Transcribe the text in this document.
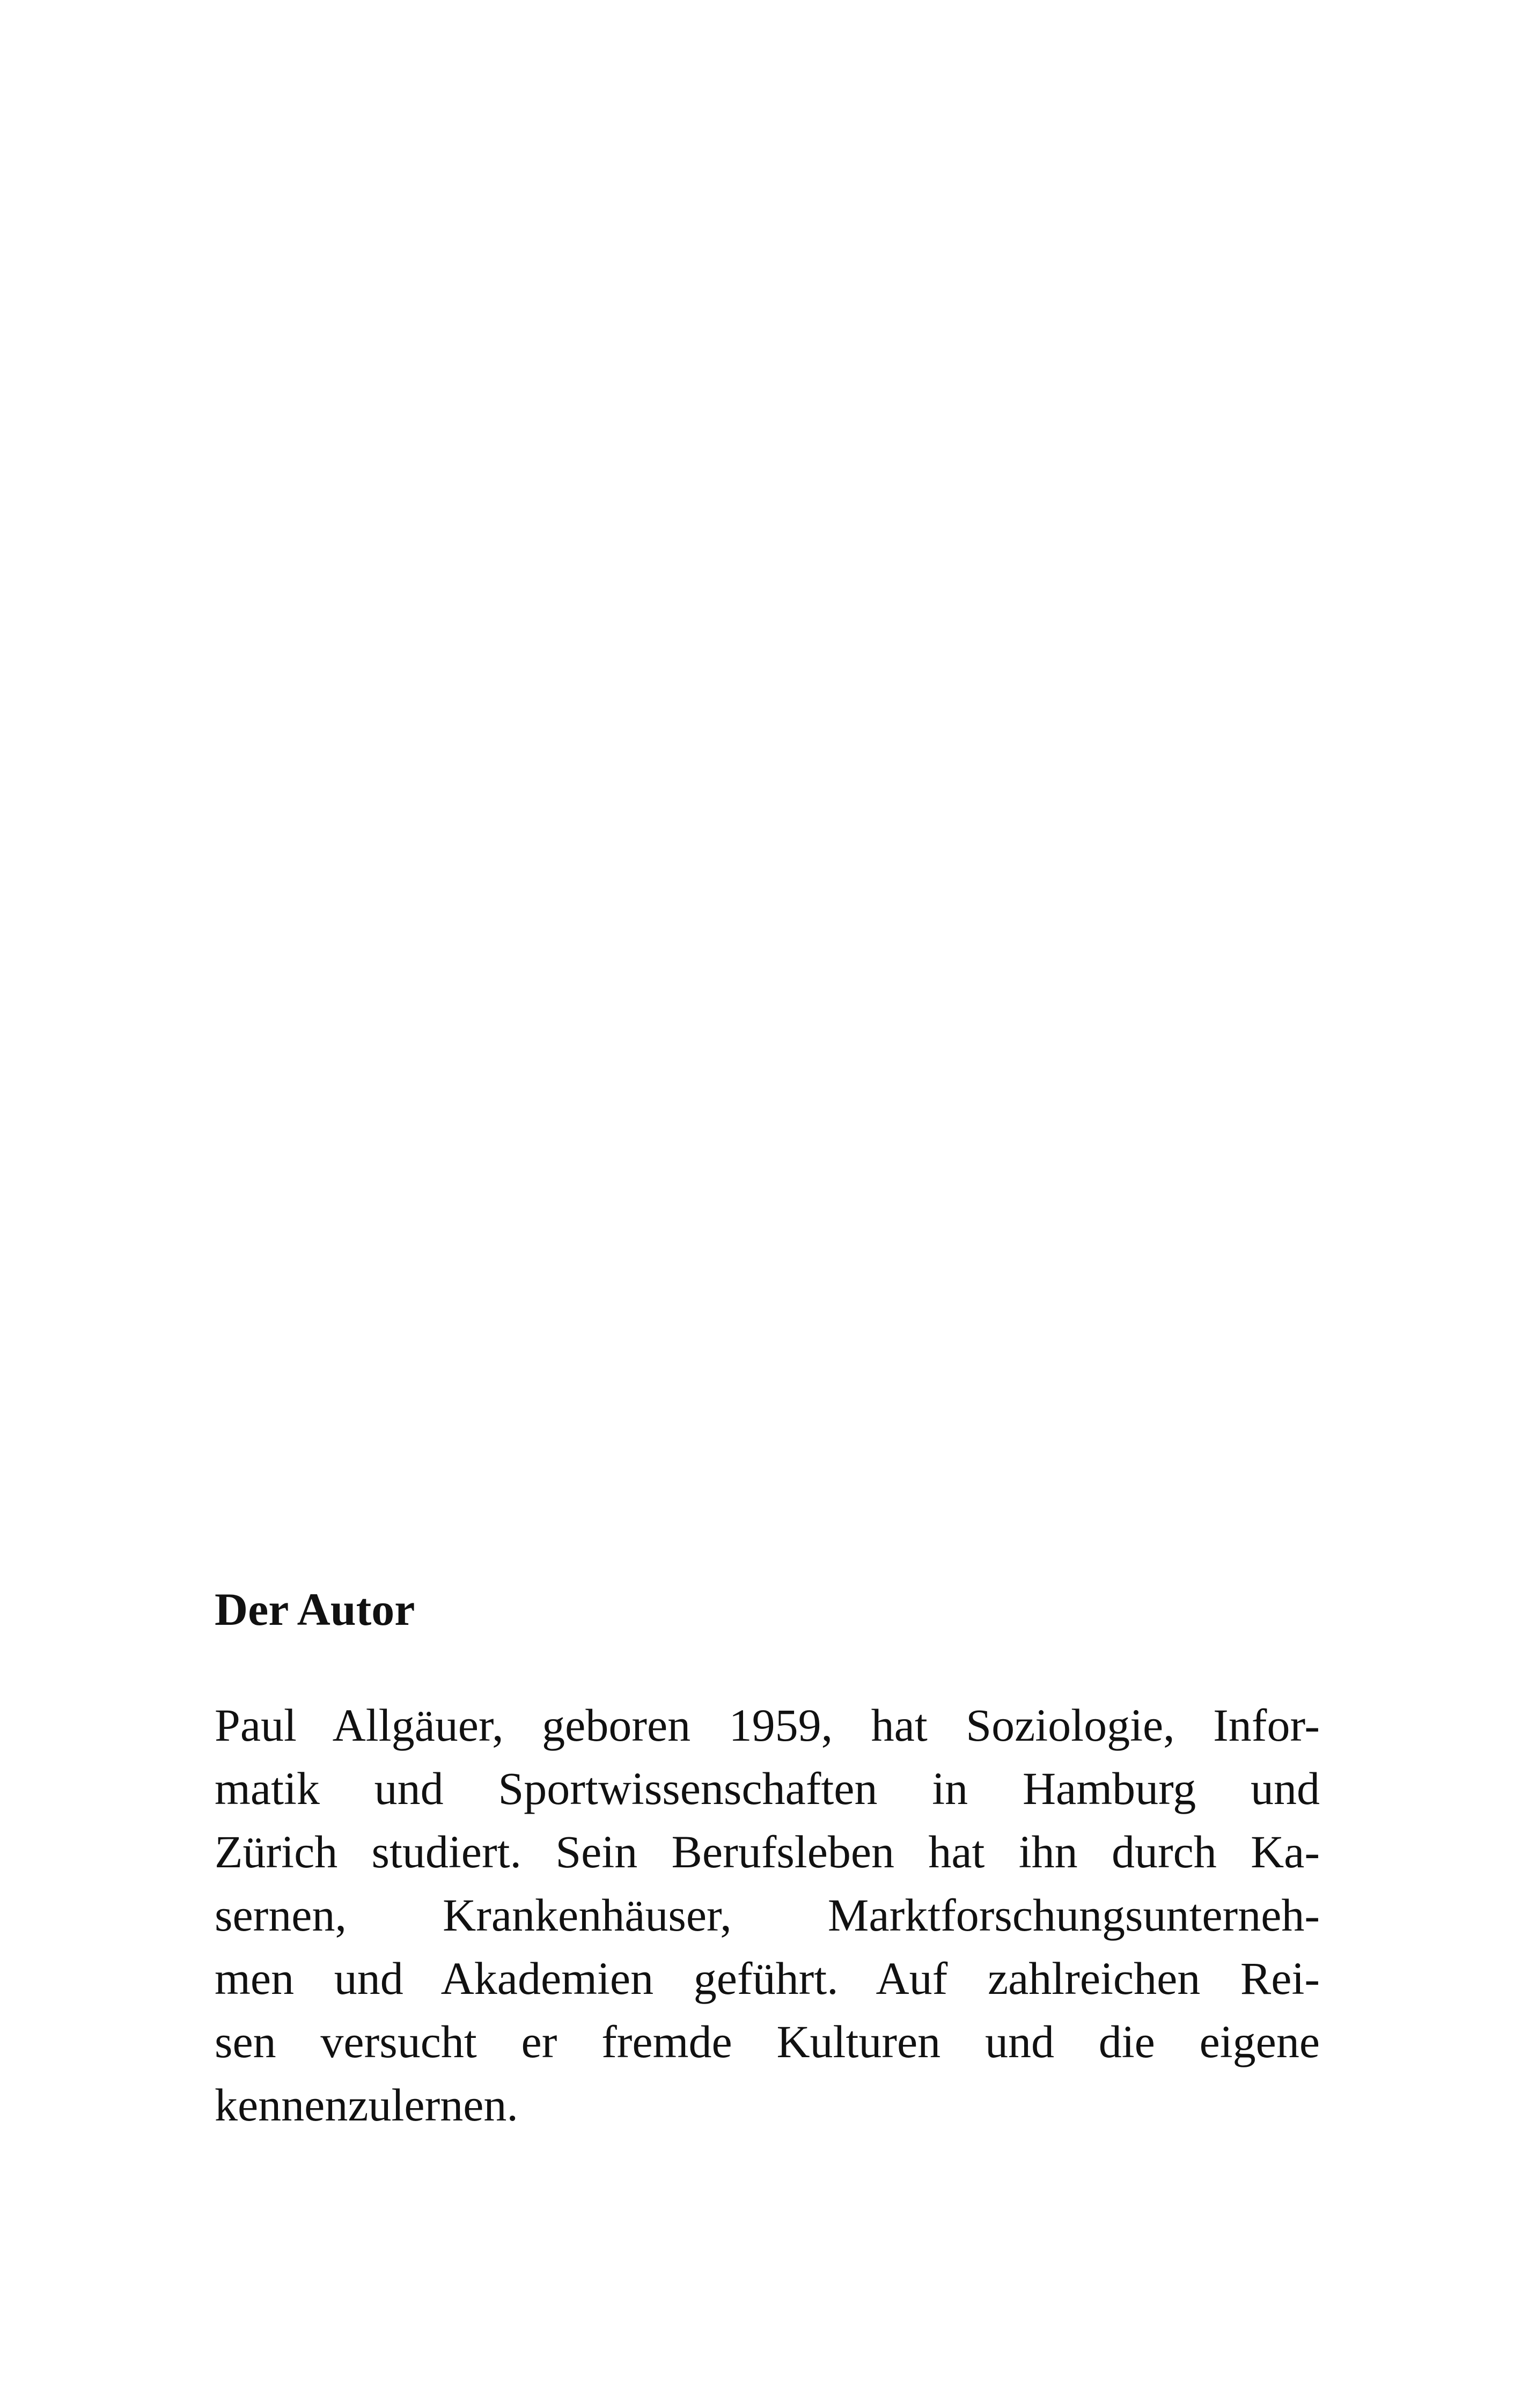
Der Autor

Paul Allgäuer, geboren 1959, hat Soziologie, Infor-
matik und Sportwissenschaften in Hamburg und
Zürich studiert. Sein Berufsleben hat ihn durch Ka-
sernen, Krankenhäuser, Marktforschungsunterneh-
men und Akademien geführt. Auf zahlreichen Rei-
sen versucht er fremde Kulturen und die eigene
kennenzulernen.
